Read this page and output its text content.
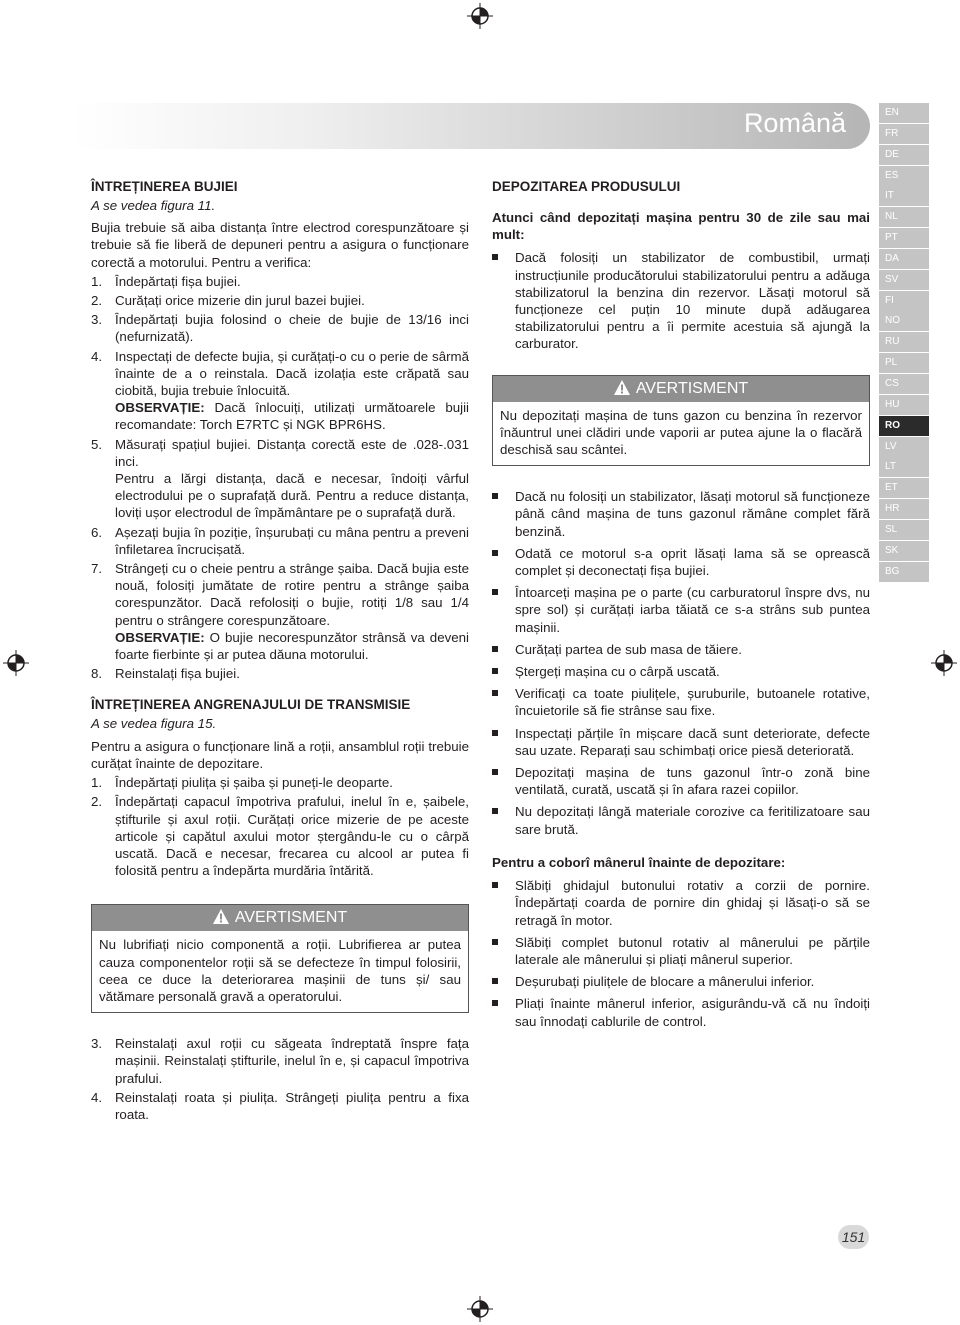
Română	EN
FR
DE
ES
IT
NL
PT
DA
SV
FI
NO
RU
PL
CS
HU
RO
LV
LT
ET
HR
SL
SK
BG
ÎNTREȚINEREA BUJIEI

A se vedea figura 11.

Bujia trebuie să aiba distanța între electrod corespunzătoare și trebuie să fie liberă de depuneri pentru a asigura o funcționare corectă a motorului. Pentru a verifica:

1. Îndepărtați fișa bujiei.
2. Curățați orice mizerie din jurul bazei bujiei.
3. Îndepărtați bujia folosind o cheie de bujie de 13/16 inci (nefurnizată).
4. Inspectați de defecte bujia, și curățați-o cu o perie de sârmă înainte de a o reinstala. Dacă izolația este crăpată sau ciobită, bujia trebuie înlocuită.

OBSERVAȚIE: Dacă înlocuiți, utilizați următoarele bujii recomandate: Torch E7RTC și NGK BPR6HS.

5. Măsurați spațiul bujiei. Distanța corectă este de .028-.031 inci.

Pentru a lărgi distanța, dacă e necesar, îndoiți vârful electrodului pe o suprafață dură. Pentru a reduce distanța, loviți ușor electrodul de împământare pe o suprafață dură.

6. Așezați bujia în poziție, înșurubați cu mâna pentru a preveni înfiletarea încrucișată.
7. Strângeți cu o cheie pentru a strânge șaiba. Dacă bujia este nouă, folosiți jumătate de rotire pentru a strânge șaiba corespunzător. Dacă refolosiți o bujie, rotiți 1/8 sau 1/4 pentru o strângere corespunzătoare.

OBSERVAȚIE: O bujie necorespunzător strânsă va deveni foarte fierbinte și ar putea dăuna motorului.

8. Reinstalați fișa bujiei.
ÎNTREȚINEREA ANGRENAJULUI DE TRANSMISIE

A se vedea figura 15.

Pentru a asigura o funcționare lină a roții, ansamblul roții trebuie curățat înainte de depozitare.

1. Îndepărtați piulița și șaiba și puneți-le deoparte.
2. Îndepărtați capacul împotriva prafului, inelul în e, șaibele, știfturile și axul roții. Curățați orice mizerie de pe aceste articole și capătul axului motor ștergându-le cu o cârpă uscată. Dacă e necesar, frecarea cu alcool ar putea fi folosită pentru a îndepărta murdăria întărită.
AVERTISMENT
Nu lubrifiați nicio componentă a roții. Lubrifierea ar putea cauza componentelor roții să se defecteze în timpul folosirii, ceea ce duce la deteriorarea mașinii de tuns și/ sau vătămare personală gravă a operatorului.
3. Reinstalați axul roții cu săgeata îndreptată înspre fața mașinii. Reinstalați știfturile, inelul în e, și capacul împotriva prafului.
4. Reinstalați roata și piulița. Strângeți piulița pentru a fixa roata.
DEPOZITAREA PRODUSULUI

Atunci când depozitați mașina pentru 30 de zile sau mai mult:

Dacă folosiți un stabilizator de combustibil, urmați instrucțiunile producătorului stabilizatorului pentru a adăuga stabilizatorul la benzina din rezervor. Lăsați motorul să funcționeze cel puțin 10 minute după adăugarea stabilizatorului pentru a îi permite acestuia să ajungă la carburator.
AVERTISMENT
Nu depozitați mașina de tuns gazon cu benzina în rezervor înăuntrul unei clădiri unde vaporii ar putea ajune la o flacără deschisă sau scântei.
Dacă nu folosiți un stabilizator, lăsați motorul să funcționeze până când mașina de tuns gazonul rămâne complet fără benzină.
Odată ce motorul s-a oprit lăsați lama să se oprească complet și deconectați fișa bujiei.
Întoarceți mașina pe o parte (cu carburatorul înspre dvs, nu spre sol) și curățați iarba tăiată ce s-a strâns sub puntea mașinii.
Curățați partea de sub masa de tăiere.
Ștergeți mașina cu o cârpă uscată.
Verificați ca toate piulițele, șuruburile, butoanele rotative, încuietorile să fie strânse sau fixe.
Inspectați părțile în mișcare dacă sunt deteriorate, defecte sau uzate. Reparați sau schimbați orice piesă deteriorată.
Depozitați mașina de tuns gazonul într-o zonă bine ventilată, curată, uscată și în afara razei copiilor.
Nu depozitați lângă materiale corozive ca feritilizatoare sau sare brută.

Pentru a coborî mânerul înainte de depozitare:

Slăbiți ghidajul butonului rotativ a corzii de pornire. Îndepărtați coarda de pornire din ghidaj și lăsați-o să se retragă în motor.
Slăbiți complet butonul rotativ al mânerului pe părțile laterale ale mânerului și pliați mânerul superior.
Deșurubați piulițele de blocare a mânerului inferior.
Pliați înainte mânerul inferior, asigurându-vă că nu îndoiți sau înnodați cablurile de control.
151
